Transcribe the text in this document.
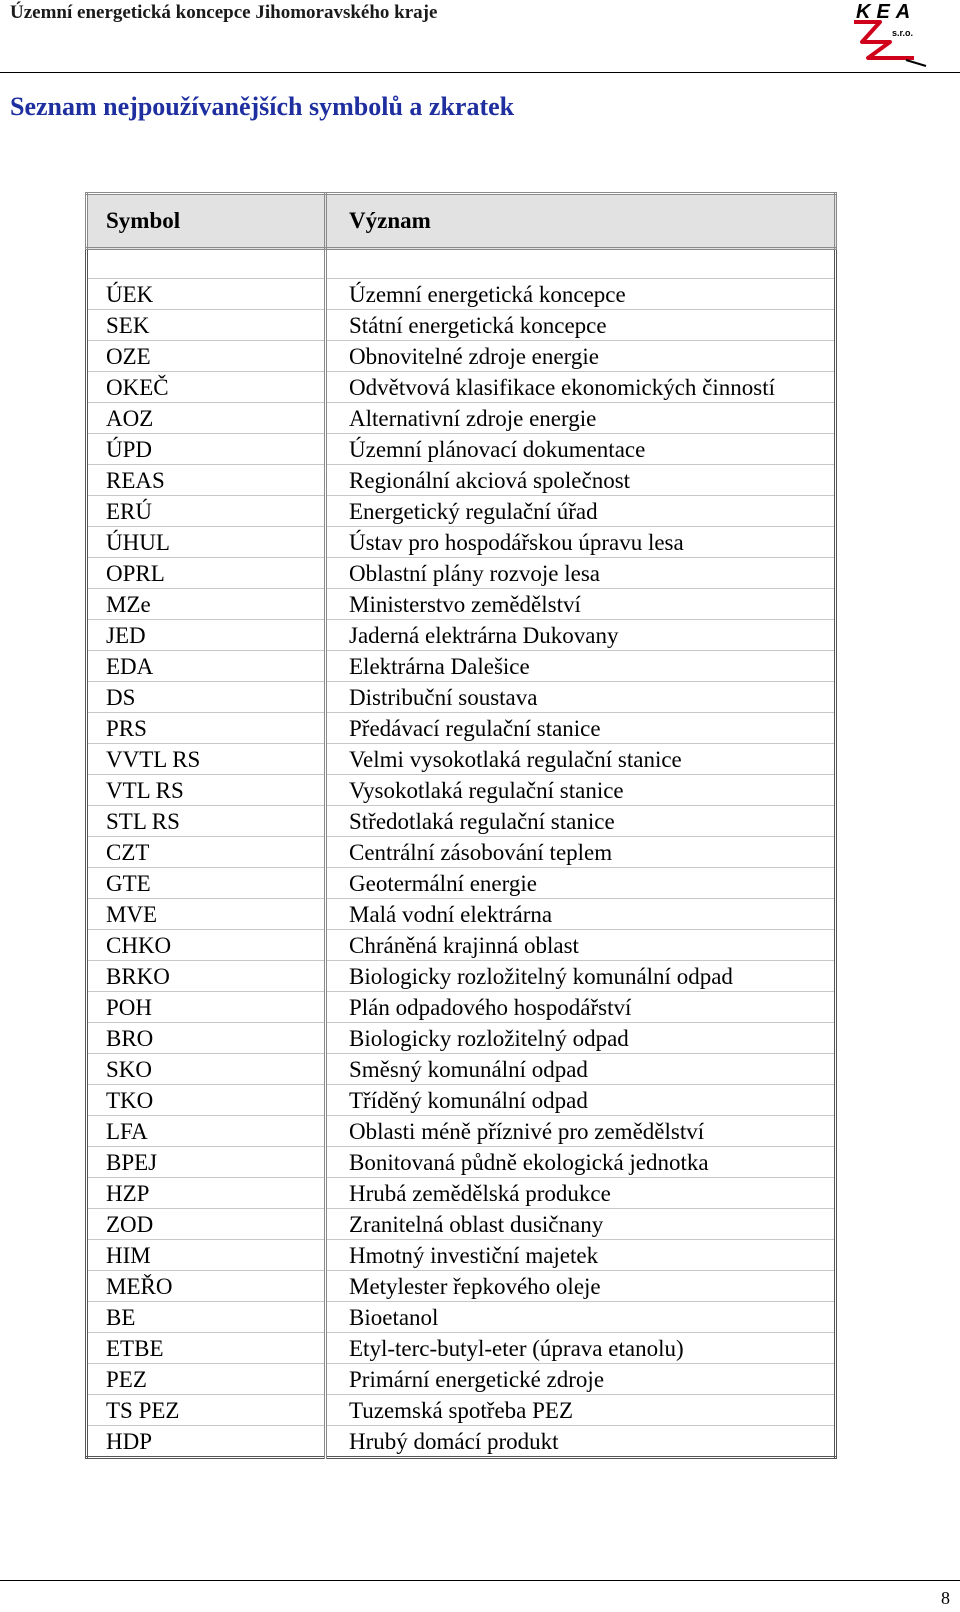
Územní energetická koncepce Jihomoravského kraje	KEA
s.r.o.
Seznam nejpoužívanějších symbolů a zkratek
Symbol	Význam

ÚEK	Územní energetická koncepce
SEK	Státní energetická koncepce
OZE	Obnovitelné zdroje energie
OKEČ	Odvětvová klasifikace ekonomických činností
AOZ	Alternativní zdroje energie
ÚPD	Územní plánovací dokumentace
REAS	Regionální akciová společnost
ERÚ	Energetický regulační úřad
ÚHUL	Ústav pro hospodářskou úpravu lesa
OPRL	Oblastní plány rozvoje lesa
MZe	Ministerstvo zemědělství
JED	Jaderná elektrárna Dukovany
EDA	Elektrárna Dalešice
DS	Distribuční soustava
PRS	Předávací regulační stanice
VVTL RS	Velmi vysokotlaká regulační stanice
VTL RS	Vysokotlaká regulační stanice
STL RS	Středotlaká regulační stanice
CZT	Centrální zásobování teplem
GTE	Geotermální energie
MVE	Malá vodní elektrárna
CHKO	Chráněná krajinná oblast
BRKO	Biologicky rozložitelný komunální odpad
POH	Plán odpadového hospodářství
BRO	Biologicky rozložitelný odpad
SKO	Směsný komunální odpad
TKO	Tříděný komunální odpad
LFA	Oblasti méně příznivé pro zemědělství
BPEJ	Bonitovaná půdně ekologická jednotka
HZP	Hrubá zemědělská produkce
ZOD	Zranitelná oblast dusičnany
HIM	Hmotný investiční majetek
MEŘO	Metylester řepkového oleje
BE	Bioetanol
ETBE	Etyl-terc-butyl-eter (úprava etanolu)
PEZ	Primární energetické zdroje
TS PEZ	Tuzemská spotřeba PEZ
HDP	Hrubý domácí produkt
8
